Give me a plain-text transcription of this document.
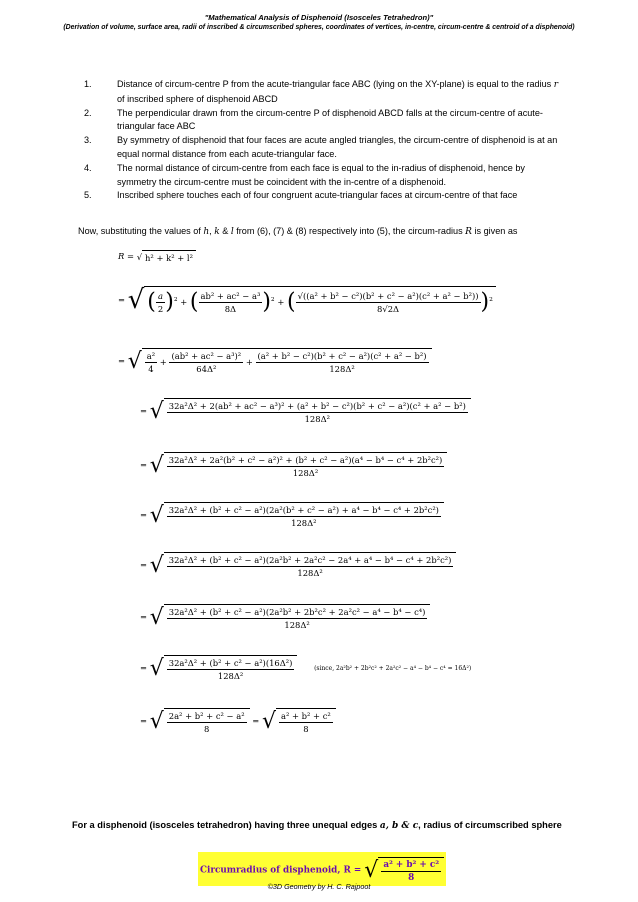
"Mathematical Analysis of Disphenoid (Isosceles Tetrahedron)"
(Derivation of volume, surface area, radii of inscribed & circumscribed spheres, coordinates of vertices, in-centre, circum-centre & centroid of a disphenoid)
1.	Distance of circum-centre P from the acute-triangular face ABC (lying on the XY-plane) is equal to the radius r of inscribed sphere of disphenoid ABCD
2.	The perpendicular drawn from the circum-centre P of disphenoid ABCD falls at the circum-centre of acute-triangular face ABC
3.	By symmetry of disphenoid that four faces are acute angled triangles, the circum-centre of disphenoid is at an equal normal distance from each acute-triangular face.
4.	The normal distance of circum-centre from each face is equal to the in-radius of disphenoid, hence by symmetry the circum-centre must be coincident with the in-centre of a disphenoid.
5.	Inscribed sphere touches each of four congruent acute-triangular faces at circum-centre of that face
Now, substituting the values of h, k & l from (6), (7) & (8) respectively into (5), the circum-radius R is given as
R = √ h² + k² + l²
= √ ( $\frac{a}{2} )^2$ + ( $\frac{\text{ab² + ac² − a³}}{8\Delta} )^2$ + ( $\frac{\text{√((a² + b² − c²)(b² + c² − a²)(c² + a² − b²))}}{8√2\Delta} )^2$
= √ $\frac{\text{a²}}{4} + \frac{\text{(ab² + ac² − a³)²}}{\text{64Δ²}} + \frac{\text{(a² + b² − c²)(b² + c² − a²)(c² + a² − b²)}}{\text{128Δ²}}$
= √ 32a²Δ² + 2(ab² + ac² − a³)² + (a² + b² − c²)(b² + c² − a²)(c² + a² − b²)
128Δ²
= √ 32a²Δ² + 2a²(b² + c² − a²)² + (b² + c² − a²)(a⁴ − b⁴ − c⁴ + 2b²c²)
128Δ²
= √ 32a²Δ² + (b² + c² − a²)(2a²(b² + c² − a²) + a⁴ − b⁴ − c⁴ + 2b²c²)
128Δ²
= √ 32a²Δ² + (b² + c² − a²)(2a²b² + 2a²c² − 2a⁴ + a⁴ − b⁴ − c⁴ + 2b²c²)
128Δ²
= √ 32a²Δ² + (b² + c² − a²)(2a²b² + 2b²c² + 2a²c² − a⁴ − b⁴ − c⁴)
128Δ²
= √ $\frac{\text{32a²Δ² + (b² + c² − a²)(16Δ²)}}{\text{128Δ²}}$	(since, 2a²b² + 2b²c² + 2a²c² − a⁴ − b⁴ − c⁴ = 16Δ²)
= √ $\frac{\text{2a² + b² + c² − a²}}{8}$ = √ $\frac{\text{a² + b² + c²}}{8}$
For a disphenoid (isosceles tetrahedron) having three unequal edges a, b & c, radius of circumscribed sphere
Circumradius of disphenoid, R = √ $\frac{\text{a² + b² + c²}}{8}$
©3D Geometry by H. C. Rajpoot
